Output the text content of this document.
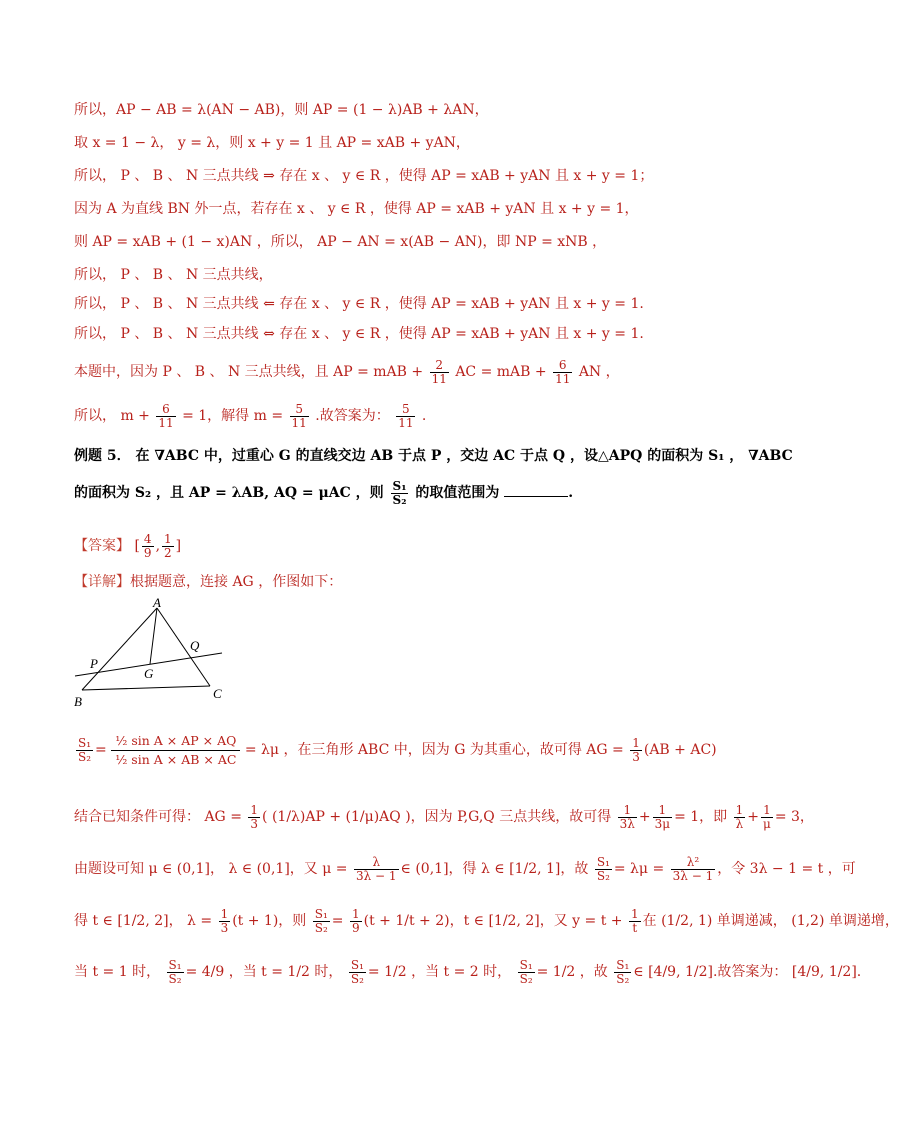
所以，AP − AB = λ(AN − AB)，则 AP = (1 − λ)AB + λAN，
取 x = 1 − λ， y = λ，则 x + y = 1 且 AP = xAB + yAN，
所以， P 、 B 、 N 三点共线 ⇒ 存在 x 、 y ∈ R ，使得 AP = xAB + yAN 且 x + y = 1；
因为 A 为直线 BN 外一点，若存在 x 、 y ∈ R ，使得 AP = xAB + yAN 且 x + y = 1，
则 AP = xAB + (1 − x)AN ，所以， AP − AN = x(AB − AN)，即 NP = xNB ，
所以， P 、 B 、 N 三点共线，
所以， P 、 B 、 N 三点共线 ⇐ 存在 x 、 y ∈ R ，使得 AP = xAB + yAN 且 x + y = 1.
所以， P 、 B 、 N 三点共线 ⇔ 存在 x 、 y ∈ R ，使得 AP = xAB + yAN 且 x + y = 1.
本题中，因为 P 、 B 、 N 三点共线，且 AP = mAB + $\frac{2}{11}$ AC = mAB + $\frac{6}{11}$ AN ，
所以， $m + \frac{6}{11} = 1$，解得 $m = \frac{5}{11}$ .故答案为： $\frac{5}{11}$ .
例题 5． 在 ∇ABC 中，过重心 G 的直线交边 AB 于点 P ，交边 AC 于点 Q ，设△APQ 的面积为 S₁ ， ∇ABC
的面积为 S₂ ，且 AP = λAB, AQ = μAC ，则 $\frac{\text{S₁}}{\text{S₂}}$ 的取值范围为	.
【答案】 [ $\frac{4}{9}$ , $\frac{1}{2}$ ]
【详解】根据题意，连接 AG ，作图如下：
A
B
C
G
P
Q
$\frac{\text{S₁}}{\text{S₂}} = \frac{\text{½ sin A × AP × AQ}}{\text{½ sin A × AB × AC}} = \lambda\mu$ ，在三角形 ABC 中，因为 G 为其重心，故可得 AG = $\frac{1}{3} (AB + AC)$
结合已知条件可得： AG = $\frac{1}{3}$ ( (1/λ)AP + (1/μ)AQ )，因为 P,G,Q 三点共线，故可得 $\frac{1}{3\lambda} + \frac{1}{3\mu} = 1$，即 $\frac{1}{\lambda} + \frac{1}{\mu} = 3$，
由题设可知 μ ∈ (0,1]， λ ∈ (0,1]，又 $\mu = \frac{\lambda}{3\lambda - 1}$ ∈ (0,1]，得 λ ∈ [1/2, 1]，故 $\frac{\text{S₁}}{\text{S₂}} = \lambda\mu = \frac{\text{λ²}}{3\lambda - 1}$ ，令 3λ − 1 = t ，可
得 t ∈ [1/2, 2]， $\lambda = \frac{1}{3} (t + 1)$，则 $\frac{\text{S₁}}{\text{S₂}} = \frac{1}{9} (t + 1/t + 2)$，t ∈ [1/2, 2]，又 $y = t + \frac{1}{t}$ 在 (1/2, 1) 单调递减， (1,2) 单调递增，
当 t = 1 时， $\frac{\text{S₁}}{\text{S₂}} = 4/9$ ，当 t = 1/2 时， $\frac{\text{S₁}}{\text{S₂}} = 1/2$ ，当 t = 2 时， $\frac{\text{S₁}}{\text{S₂}} = 1/2$ ，故 $\frac{\text{S₁}}{\text{S₂}}$ ∈ [4/9, 1/2].故答案为： [4/9, 1/2].
